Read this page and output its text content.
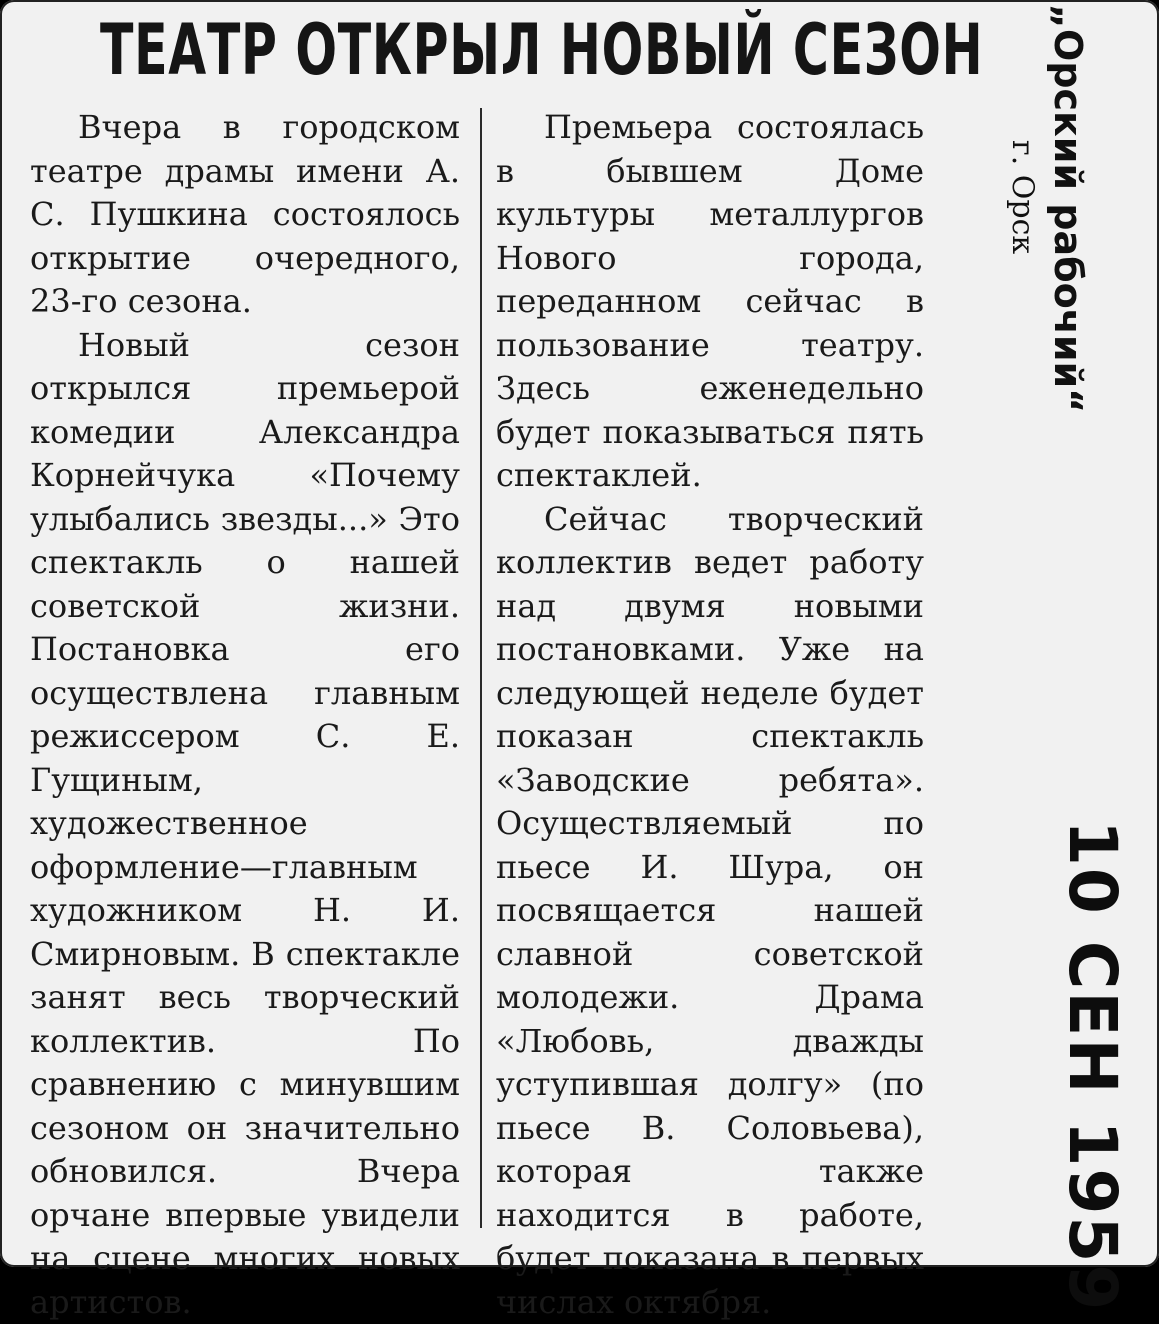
ТЕАТР ОТКРЫЛ НОВЫЙ СЕЗОН

Вчера в городском театре драмы имени А. С. Пушкина состоялось открытие очередного, 23-го сезона.

Новый сезон открылся премьерой комедии Александра Корнейчука «Почему улыбались звезды...» Это спектакль о нашей советской жизни. Постановка его осуществлена главным режиссером С. Е. Гущиным, художественное оформление—главным художником Н. И. Смирновым. В спектакле занят весь творческий коллектив. По сравнению с минувшим сезоном он значительно обновился. Вчера орчане впервые увидели на сцене многих новых артистов.

Премьера состоялась в бывшем Доме культуры металлургов Нового города, переданном сейчас в пользование театру. Здесь еженедельно будет показываться пять спектаклей.

Сейчас творческий коллектив ведет работу над двумя новыми постановками. Уже на следующей неделе будет показан спектакль «Заводские ребята». Осуществляемый по пьесе И. Шура, он посвящается нашей славной советской молодежи. Драма «Любовь, дважды уступившая долгу» (по пьесе В. Соловьева), которая также находится в работе, будет показана в первых числах октября.

„Орский рабочий“
г. Орск
10 СЕН 1959
